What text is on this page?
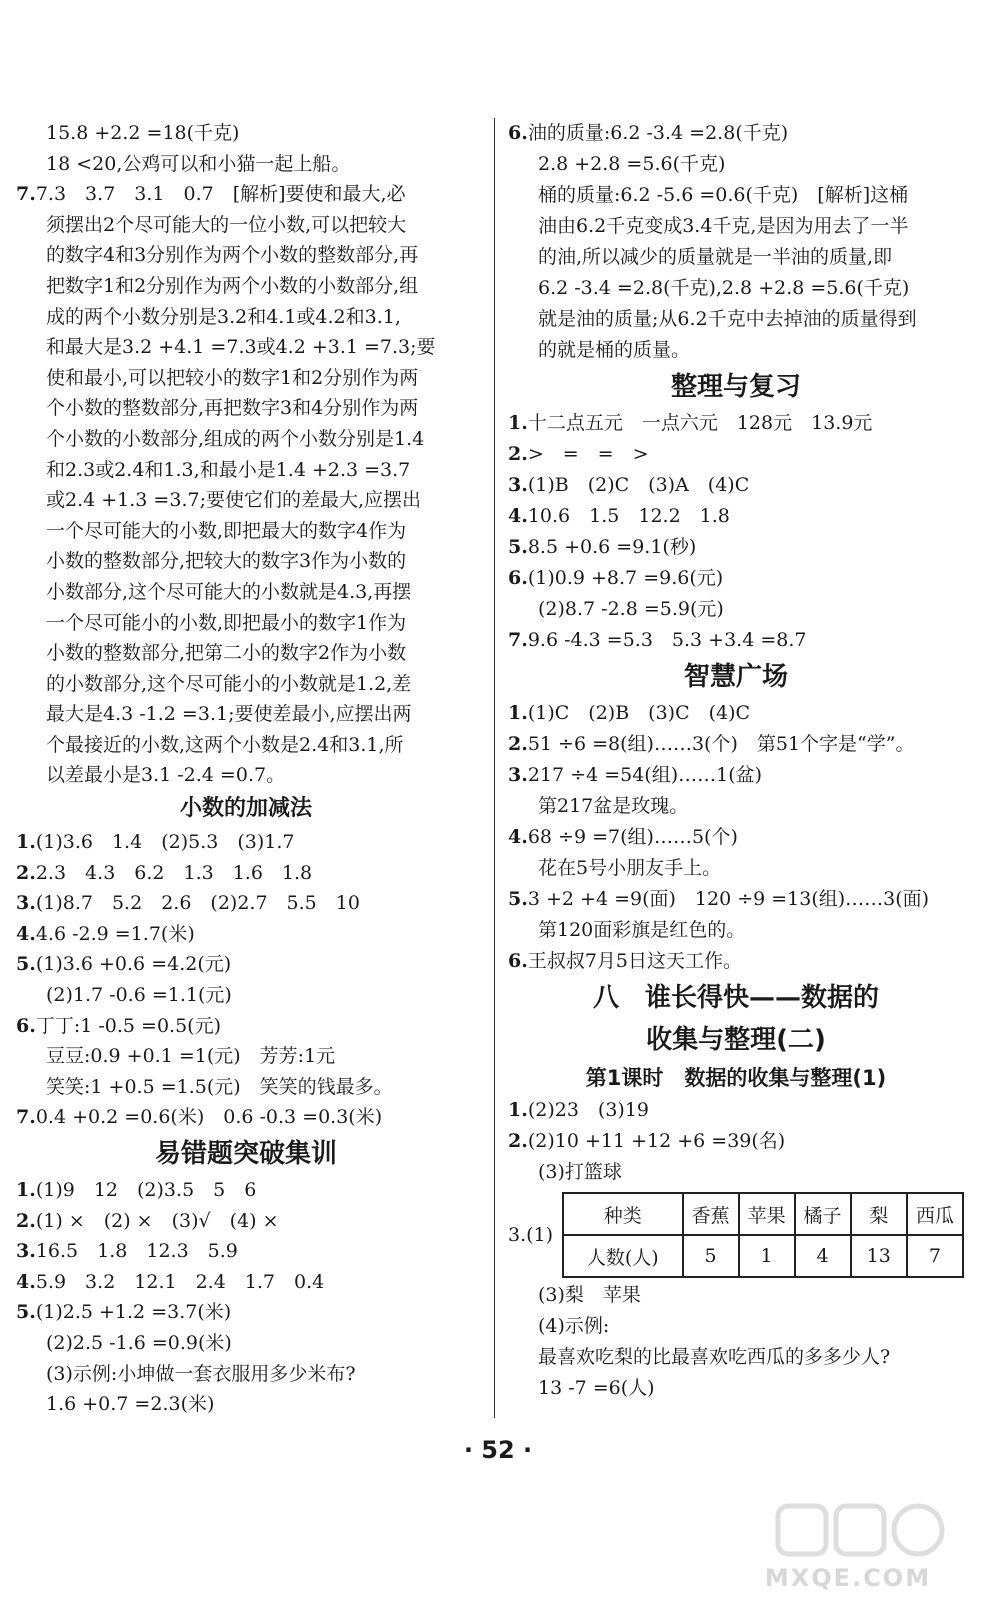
15.8 +2.2 =18(千克)
18 <20,公鸡可以和小猫一起上船。
7.7.3　3.7　3.1　0.7　[解析]要使和最大,必
须摆出2个尽可能大的一位小数,可以把较大
的数字4和3分别作为两个小数的整数部分,再
把数字1和2分别作为两个小数的小数部分,组
成的两个小数分别是3.2和4.1或4.2和3.1,
和最大是3.2 +4.1 =7.3或4.2 +3.1 =7.3;要
使和最小,可以把较小的数字1和2分别作为两
个小数的整数部分,再把数字3和4分别作为两
个小数的小数部分,组成的两个小数分别是1.4
和2.3或2.4和1.3,和最小是1.4 +2.3 =3.7
或2.4 +1.3 =3.7;要使它们的差最大,应摆出
一个尽可能大的小数,即把最大的数字4作为
小数的整数部分,把较大的数字3作为小数的
小数部分,这个尽可能大的小数就是4.3,再摆
一个尽可能小的小数,即把最小的数字1作为
小数的整数部分,把第二小的数字2作为小数
的小数部分,这个尽可能小的小数就是1.2,差
最大是4.3 -1.2 =3.1;要使差最小,应摆出两
个最接近的小数,这两个小数是2.4和3.1,所
以差最小是3.1 -2.4 =0.7。
小数的加减法
1.(1)3.6　1.4　(2)5.3　(3)1.7
2.2.3　4.3　6.2　1.3　1.6　1.8
3.(1)8.7　5.2　2.6　(2)2.7　5.5　10
4.4.6 -2.9 =1.7(米)
5.(1)3.6 +0.6 =4.2(元)
(2)1.7 -0.6 =1.1(元)
6.丁丁:1 -0.5 =0.5(元)
豆豆:0.9 +0.1 =1(元)　芳芳:1元
笑笑:1 +0.5 =1.5(元)　笑笑的钱最多。
7.0.4 +0.2 =0.6(米)　0.6 -0.3 =0.3(米)
易错题突破集训
1.(1)9　12　(2)3.5　5　6
2.(1) ×　(2) ×　(3)√　(4) ×
3.16.5　1.8　12.3　5.9
4.5.9　3.2　12.1　2.4　1.7　0.4
5.(1)2.5 +1.2 =3.7(米)
(2)2.5 -1.6 =0.9(米)
(3)示例:小坤做一套衣服用多少米布?
1.6 +0.7 =2.3(米)
6.油的质量:6.2 -3.4 =2.8(千克)
2.8 +2.8 =5.6(千克)
桶的质量:6.2 -5.6 =0.6(千克)　[解析]这桶
油由6.2千克变成3.4千克,是因为用去了一半
的油,所以减少的质量就是一半油的质量,即
6.2 -3.4 =2.8(千克),2.8 +2.8 =5.6(千克)
就是油的质量;从6.2千克中去掉油的质量得到
的就是桶的质量。
整理与复习
1.十二点五元　一点六元　128元　13.9元
2.>　=　=　>
3.(1)B　(2)C　(3)A　(4)C
4.10.6　1.5　12.2　1.8
5.8.5 +0.6 =9.1(秒)
6.(1)0.9 +8.7 =9.6(元)
(2)8.7 -2.8 =5.9(元)
7.9.6 -4.3 =5.3　5.3 +3.4 =8.7
智慧广场
1.(1)C　(2)B　(3)C　(4)C
2.51 ÷6 =8(组)……3(个)　第51个字是“学”。
3.217 ÷4 =54(组)……1(盆)
第217盆是玫瑰。
4.68 ÷9 =7(组)……5(个)
花在5号小朋友手上。
5.3 +2 +4 =9(面)　120 ÷9 =13(组)……3(面)
第120面彩旗是红色的。
6.王叔叔7月5日这天工作。
八　谁长得快——数据的
收集与整理(二)
第1课时　数据的收集与整理(1)
1.(2)23　(3)19
2.(2)10 +11 +12 +6 =39(名)
(3)打篮球
3.(1)
种类	香蕉	苹果	橘子	梨	西瓜
人数(人)	5	1	4	13	7
(3)梨　苹果
(4)示例:
最喜欢吃梨的比最喜欢吃西瓜的多多少人?
13 -7 =6(人)
· 52 ·
MXQE.COM
